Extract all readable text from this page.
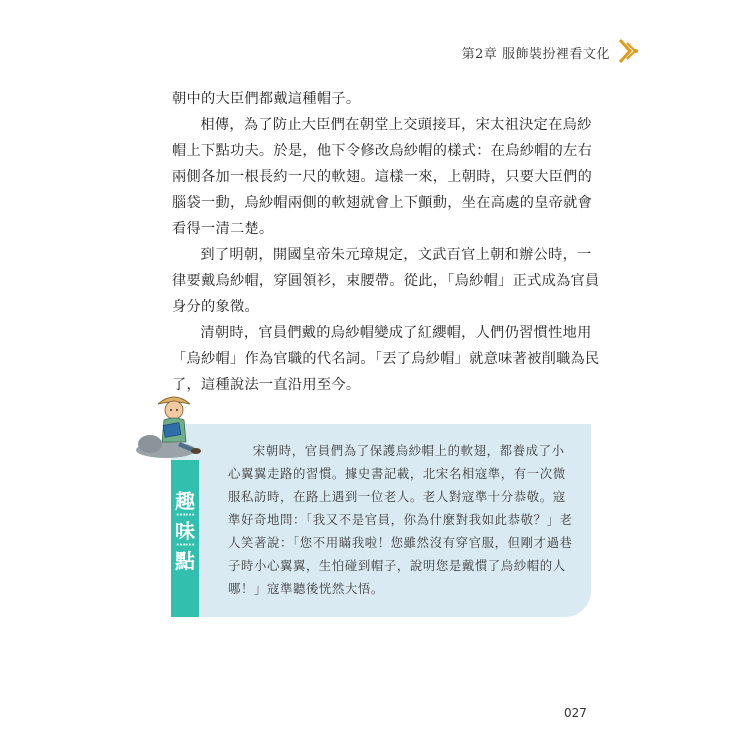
第2章 服飾裝扮裡看文化

朝中的大臣們都戴這種帽子。

相傳，為了防止大臣們在朝堂上交頭接耳，宋太祖決定在烏紗帽上下點功夫。於是，他下令修改烏紗帽的樣式：在烏紗帽的左右兩側各加一根長約一尺的軟翅。這樣一來，上朝時，只要大臣們的腦袋一動，烏紗帽兩側的軟翅就會上下顫動，坐在高處的皇帝就會看得一清二楚。

到了明朝，開國皇帝朱元璋規定，文武百官上朝和辦公時，一律要戴烏紗帽，穿圓領衫，束腰帶。從此，「烏紗帽」正式成為官員身分的象徵。

清朝時，官員們戴的烏紗帽變成了紅纓帽，人們仍習慣性地用「烏紗帽」作為官職的代名詞。「丟了烏紗帽」就意味著被削職為民了，這種說法一直沿用至今。

趣
⋯⋯
味
⋯⋯
點

宋朝時，官員們為了保護烏紗帽上的軟翅，都養成了小心翼翼走路的習慣。據史書記載，北宋名相寇準，有一次微服私訪時，在路上遇到一位老人。老人對寇準十分恭敬。寇準好奇地問：「我又不是官員，你為什麼對我如此恭敬？」老人笑著說：「您不用瞞我啦！您雖然沒有穿官服，但剛才過巷子時小心翼翼，生怕碰到帽子，說明您是戴慣了烏紗帽的人哪！」寇準聽後恍然大悟。

027
